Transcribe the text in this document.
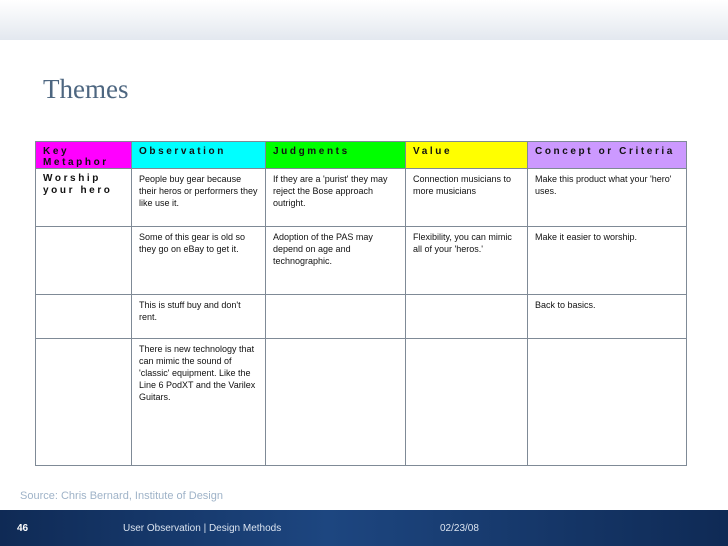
Themes
Key Metaphor	Observation	Judgments	Value	Concept or Criteria
Worship your hero	People buy gear because their heros or performers they like use it.	If they are a 'purist' they may reject the Bose approach outright.	Connection musicians to more musicians	Make this product what your 'hero' uses.
	Some of this gear is old so they go on eBay to get it.	Adoption of the PAS may depend on age and technographic.	Flexibility, you can mimic all of your 'heros.'	Make it easier to worship.
	This is stuff buy and don't rent.			Back to basics.
	There is new technology that can mimic the sound of 'classic' equipment. Like the Line 6 PodXT and the Varilex Guitars.			
Source: Chris Bernard, Institute of Design
46	User Observation | Design Methods	02/23/08
